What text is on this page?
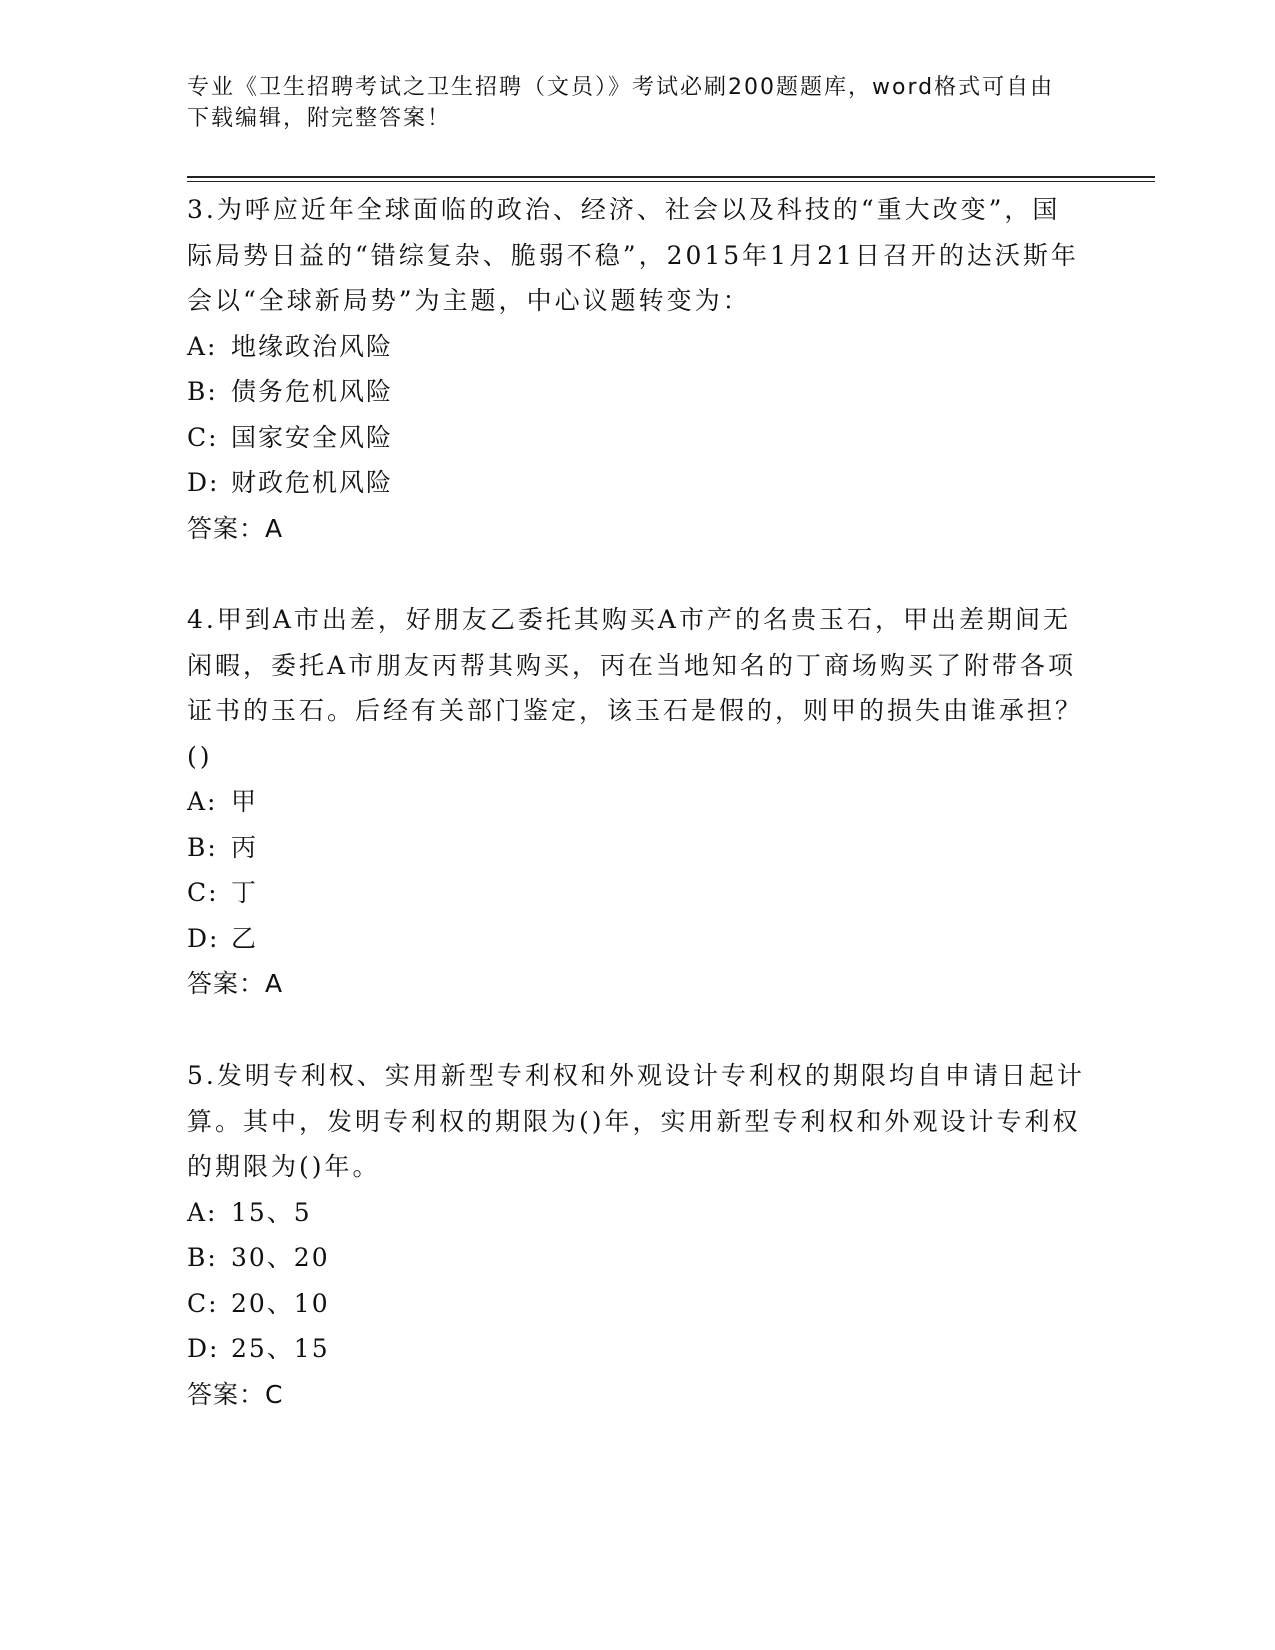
专业《卫生招聘考试之卫生招聘（文员）》考试必刷200题题库，word格式可自由下载编辑，附完整答案！

3.为呼应近年全球面临的政治、经济、社会以及科技的“重大改变”，国际局势日益的“错综复杂、脆弱不稳”，2015年1月21日召开的达沃斯年会以“全球新局势”为主题，中心议题转变为：

A: 地缘政治风险
B: 债务危机风险
C: 国家安全风险
D: 财政危机风险
答案：A

4.甲到A市出差，好朋友乙委托其购买A市产的名贵玉石，甲出差期间无闲暇，委托A市朋友丙帮其购买，丙在当地知名的丁商场购买了附带各项证书的玉石。后经有关部门鉴定，该玉石是假的，则甲的损失由谁承担？()

A: 甲
B: 丙
C: 丁
D: 乙
答案：A

5.发明专利权、实用新型专利权和外观设计专利权的期限均自申请日起计算。其中，发明专利权的期限为()年，实用新型专利权和外观设计专利权的期限为()年。

A: 15、5
B: 30、20
C: 20、10
D: 25、15
答案：C
